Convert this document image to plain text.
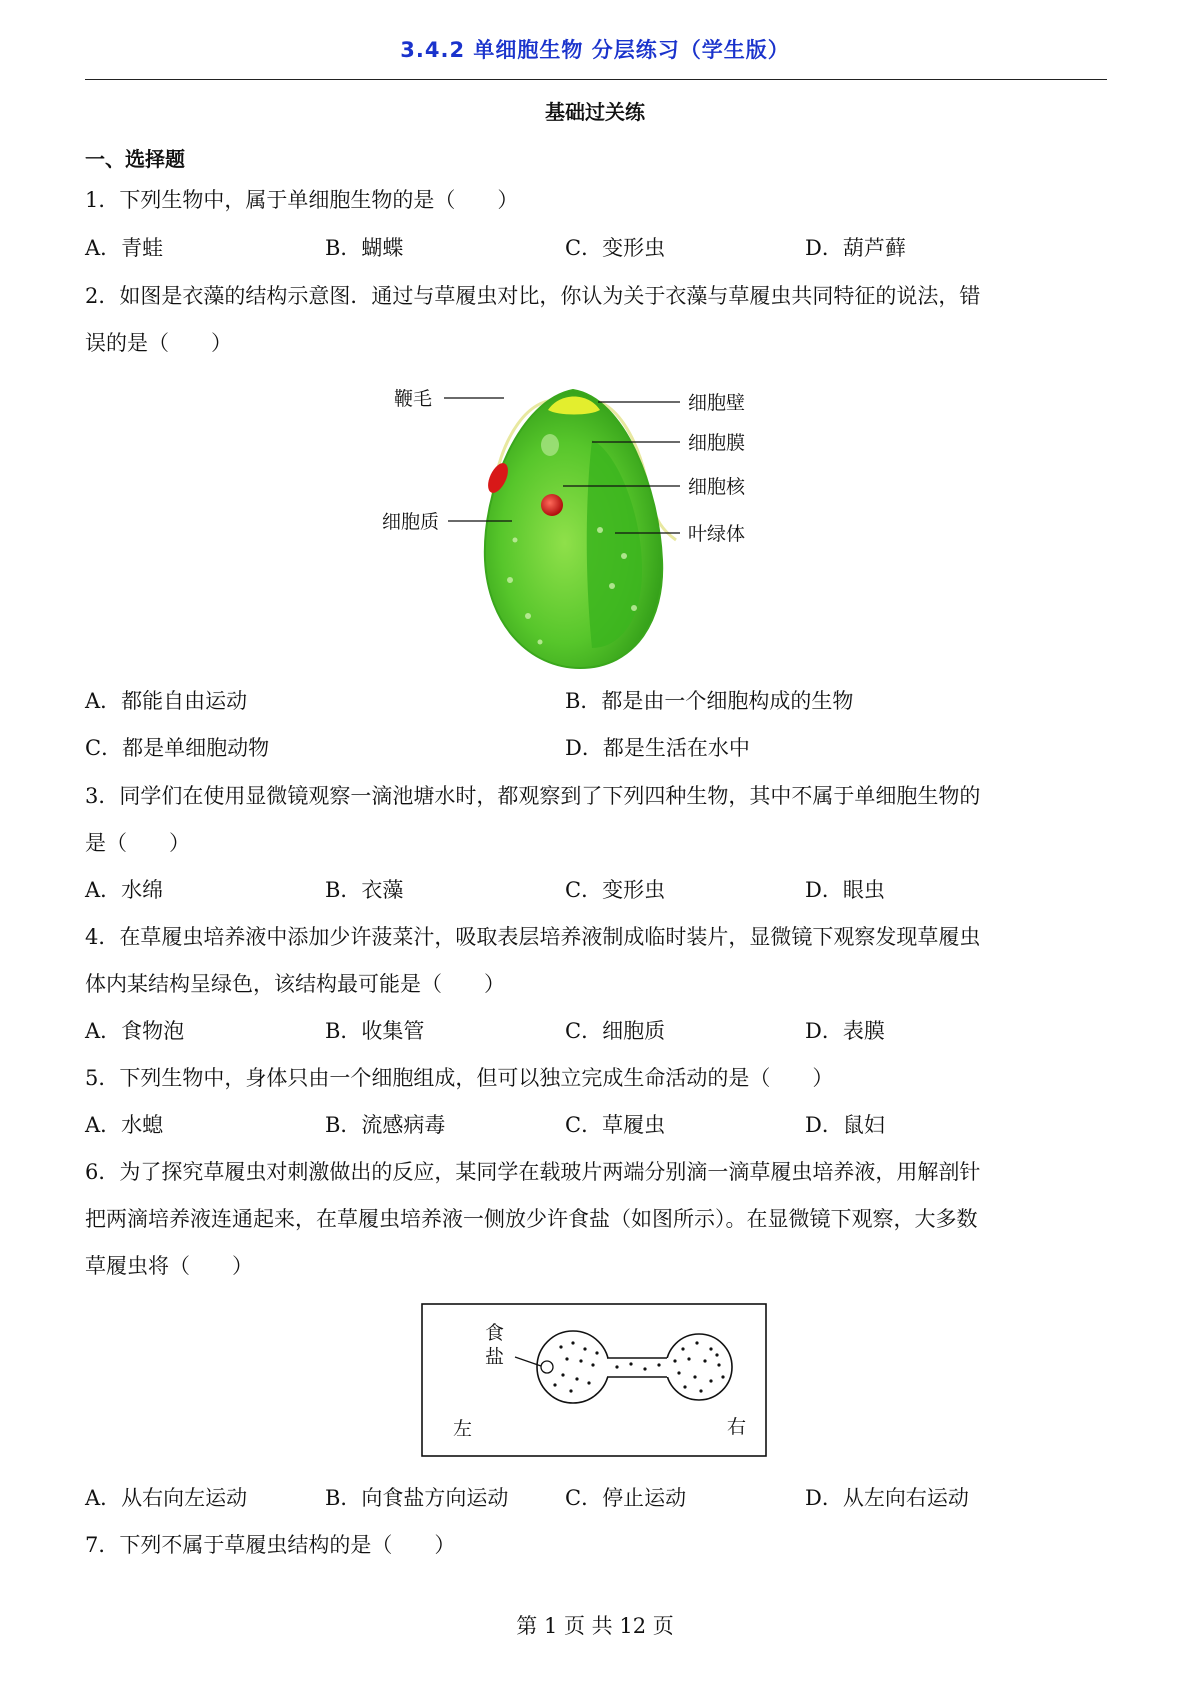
3.4.2 单细胞生物 分层练习（学生版）
基础过关练
一、选择题
1．下列生物中，属于单细胞生物的是（　　）
A．青蛙	B．蝴蝶	C．变形虫	D．葫芦藓
2．如图是衣藻的结构示意图．通过与草履虫对比，你认为关于衣藻与草履虫共同特征的说法，错
误的是（　　）
鞭毛	细胞壁
细胞膜
细胞核
叶绿体
细胞质
A．都能自由运动	B．都是由一个细胞构成的生物
C．都是单细胞动物	D．都是生活在水中
3．同学们在使用显微镜观察一滴池塘水时，都观察到了下列四种生物，其中不属于单细胞生物的
是（　　）
A．水绵	B．衣藻	C．变形虫	D．眼虫
4．在草履虫培养液中添加少许菠菜汁，吸取表层培养液制成临时装片，显微镜下观察发现草履虫
体内某结构呈绿色，该结构最可能是（　　）
A．食物泡	B．收集管	C．细胞质	D．表膜
5．下列生物中，身体只由一个细胞组成，但可以独立完成生命活动的是（　　）
A．水螅	B．流感病毒	C．草履虫	D．鼠妇
6．为了探究草履虫对刺激做出的反应，某同学在载玻片两端分别滴一滴草履虫培养液，用解剖针
把两滴培养液连通起来，在草履虫培养液一侧放少许食盐（如图所示）。在显微镜下观察，大多数
草履虫将（　　）
食
盐
左	右
A．从右向左运动	B．向食盐方向运动	C．停止运动	D．从左向右运动
7．下列不属于草履虫结构的是（　　）
第 1 页 共 12 页
